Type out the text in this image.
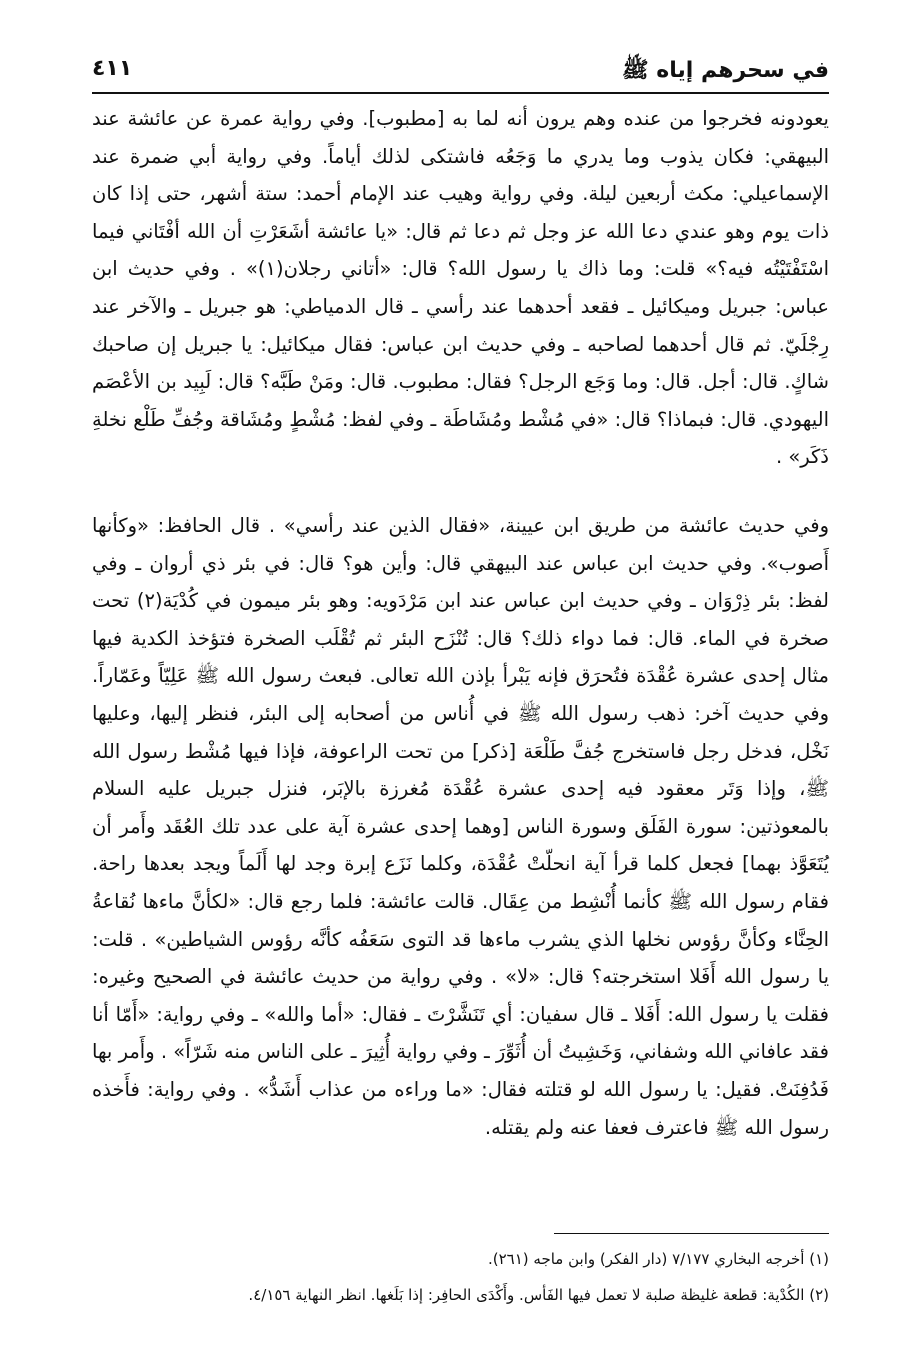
في سحرهم إياه ﷺ
٤١١

يعودونه فخرجوا من عنده وهم يرون أنه لما به [مطبوب]. وفي رواية عمرة عن عائشة عند البيهقي: فكان يذوب وما يدري ما وَجَعُه فاشتكى لذلك أياماً. وفي رواية أبي ضمرة عند الإسماعيلي: مكث أربعين ليلة. وفي رواية وهيب عند الإمام أحمد: ستة أشهر، حتى إذا كان ذات يوم وهو عندي دعا الله عز وجل ثم دعا ثم قال: «يا عائشة أشَعَرْتِ أن الله أفْتَاني فيما اسْتَفْتَيْتُه فيه؟» قلت: وما ذاك يا رسول الله؟ قال: «أتاني رجلان(١)» . وفي حديث ابن عباس: جبريل وميكائيل ـ فقعد أحدهما عند رأسي ـ قال الدمياطي: هو جبريل ـ والآخر عند رِجْلَيّ. ثم قال أحدهما لصاحبه ـ وفي حديث ابن عباس: فقال ميكائيل: يا جبريل إن صاحبك شاكٍ. قال: أجل. قال: وما وَجَع الرجل؟ فقال: مطبوب. قال: ومَنْ طَبَّه؟ قال: لَبِيد بن الأعْصَم اليهودي. قال: فبماذا؟ قال: «في مُشْط ومُشَاطَة ـ وفي لفظ: مُشْطٍ ومُشَاقة وجُفِّ طَلْع نخلةِ ذَكَر» .

وفي حديث عائشة من طريق ابن عيينة، «فقال الذين عند رأسي» . قال الحافظ: «وكأنها أَصوب». وفي حديث ابن عباس عند البيهقي قال: وأين هو؟ قال: في بئر ذي أروان ـ وفي لفظ: بئر ذِرْوَان ـ وفي حديث ابن عباس عند ابن مَرْدَويه: وهو بئر ميمون في كُدْيَة(٢) تحت صخرة في الماء. قال: فما دواء ذلك؟ قال: تُنْزَح البئر ثم تُقْلَب الصخرة فتؤخذ الكدية فيها مثال إحدى عشرة عُقْدَة فتُحرَق فإنه يَبْرأ بإذن الله تعالى. فبعث رسول الله ﷺ عَلِيّاً وعَمّاراً. وفي حديث آخر: ذهب رسول الله ﷺ في أُناس من أصحابه إلى البئر، فنظر إليها، وعليها نَخْل، فدخل رجل فاستخرج جُفَّ طَلْعَة [ذكر] من تحت الراعوفة، فإذا فيها مُشْط رسول الله ﷺ، وإذا وَتَر معقود فيه إحدى عشرة عُقْدَة مُغرزة بالإبَر، فنزل جبريل عليه السلام بالمعوذتين: سورة الفَلَق وسورة الناس [وهما إحدى عشرة آية على عدد تلك العُقَد وأَمر أن يُتَعَوَّذ بهما] فجعل كلما قرأ آية انحلّتْ عُقْدَة، وكلما نَزَع إبرة وجد لها أَلَماً ويجد بعدها راحة. فقام رسول الله ﷺ كأنما أُنْشِط من عِقَال. قالت عائشة: فلما رجع قال: «لكأنَّ ماءها نُقاعةُ الحِنَّاء وكأنَّ رؤوس نخلها الذي يشرب ماءها قد التوى سَعَفُه كأنَّه رؤوس الشياطين» . قلت: يا رسول الله أَفَلا استخرجته؟ قال: «لا» . وفي رواية من حديث عائشة في الصحيح وغيره: فقلت يا رسول الله: أَفَلا ـ قال سفيان: أي تَنَشَّرْتَ ـ فقال: «أما والله» ـ وفي رواية: «أَمّا أنا فقد عافاني الله وشفاني، وَخَشِيتُ أن أُثَوِّرَ ـ وفي رواية أُثِيرَ ـ على الناس منه شَرّاً» . وأَمر بها فَدُفِنَتْ. فقيل: يا رسول الله لو قتلته فقال: «ما وراءه من عذاب أَشَدُّ» . وفي رواية: فأَخذه رسول الله ﷺ فاعترف فعفا عنه ولم يقتله.

(١) أخرجه البخاري ٧/١٧٧ (دار الفكر) وابن ماجه (٢٦١).

(٢) الكُدْية: قطعة غليظة صلبة لا تعمل فيها الفَأس. وأَكْدَى الحافِر: إذا بَلَغها. انظر النهاية ٤/١٥٦.
